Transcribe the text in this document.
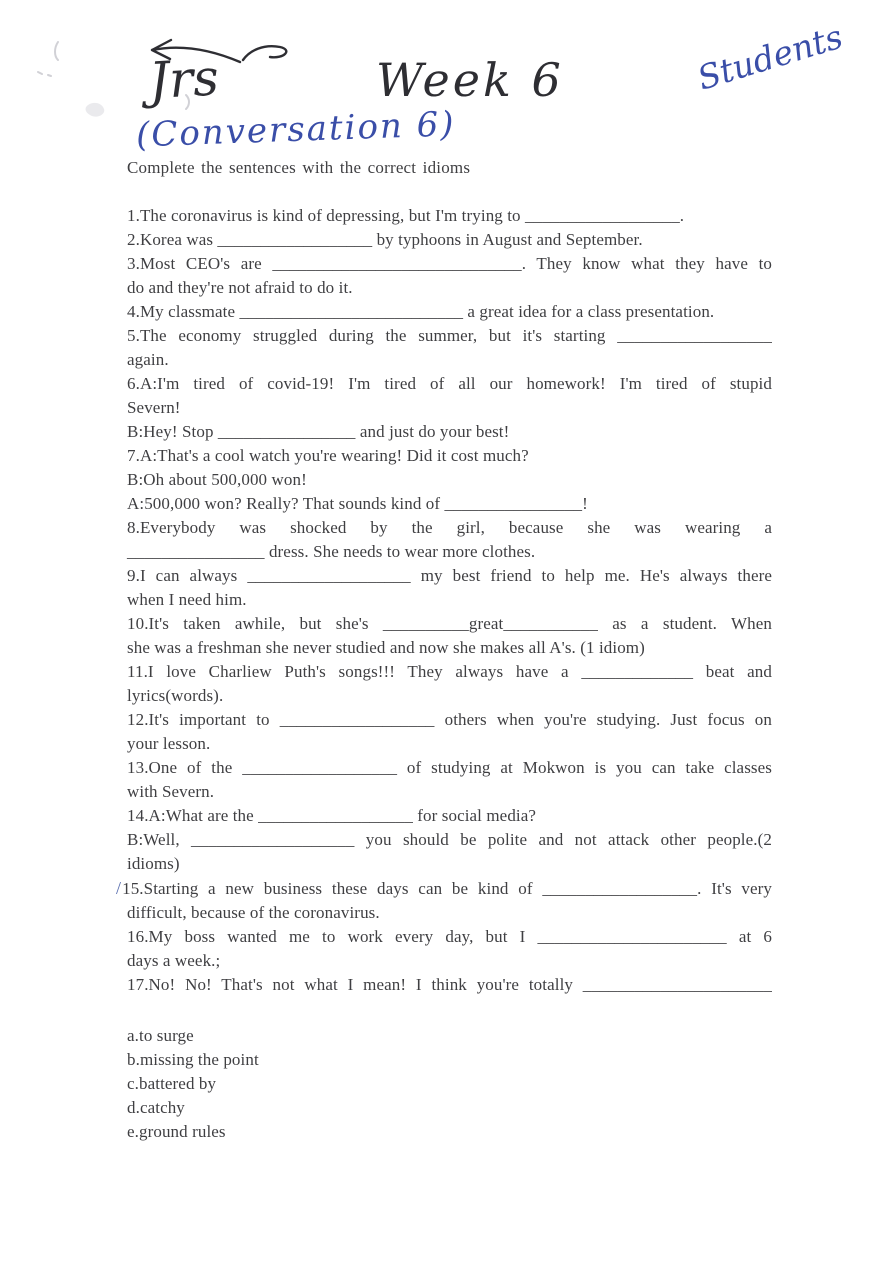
Jrs	Week 6
(Conversation 6)
Students
Complete the sentences with the correct idioms
1.The coronavirus is kind of depressing, but I'm trying to __________________.
2.Korea was __________________ by typhoons in August and September.
3.Most CEO's are _____________________________. They know what they have to
do and they're not afraid to do it.
4.My classmate __________________________ a great idea for a class presentation.
5.The economy struggled during the summer, but it's starting __________________
again.
6.A:I'm tired of covid-19! I'm tired of all our homework! I'm tired of stupid
Severn!
B:Hey! Stop ________________ and just do your best!
7.A:That's a cool watch you're wearing! Did it cost much?
B:Oh about 500,000 won!
A:500,000 won? Really? That sounds kind of ________________!
8.Everybody was shocked by the girl, because she was wearing a
________________ dress. She needs to wear more clothes.
9.I can always ___________________ my best friend to help me. He's always there
when I need him.
10.It's taken awhile, but she's __________great___________ as a student. When
she was a freshman she never studied and now she makes all A's. (1 idiom)
11.I love Charliew Puth's songs!!! They always have a _____________ beat and
lyrics(words).
12.It's important to __________________ others when you're studying. Just focus on
your lesson.
13.One of the __________________ of studying at Mokwon is you can take classes
with Severn.
14.A:What are the __________________ for social media?
B:Well, ___________________ you should be polite and not attack other people.(2
idioms)
/15.Starting a new business these days can be kind of __________________. It's very
difficult, because of the coronavirus.
16.My boss wanted me to work every day, but I ______________________ at 6
days a week.;
17.No! No! That's not what I mean! I think you're totally ______________________
a.to surge
b.missing the point
c.battered by
d.catchy
e.ground rules
